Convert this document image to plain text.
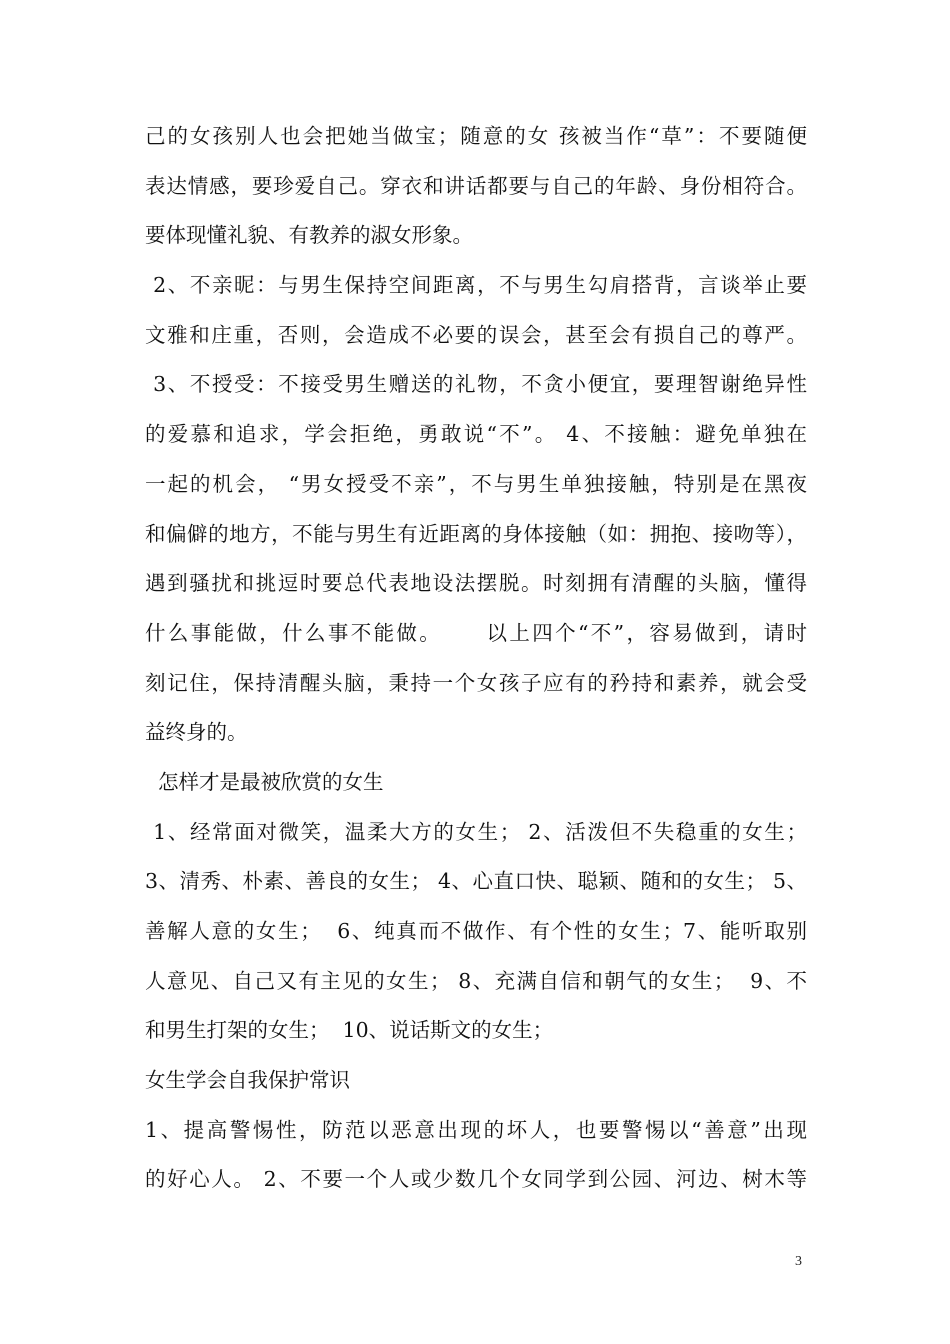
己的女孩别人也会把她当做宝；随意的女 孩被当作“草”：不要随便
表达情感，要珍爱自己。穿衣和讲话都要与自己的年龄、身份相符合。
要体现懂礼貌、有教养的淑女形象。
2、不亲昵：与男生保持空间距离，不与男生勾肩搭背，言谈举止要
文雅和庄重，否则，会造成不必要的误会，甚至会有损自己的尊严。
3、不授受：不接受男生赠送的礼物，不贪小便宜，要理智谢绝异性
的爱慕和追求，学会拒绝，勇敢说“不”。 4、不接触：避免单独在
一起的机会， “男女授受不亲”，不与男生单独接触，特别是在黑夜
和偏僻的地方，不能与男生有近距离的身体接触（如：拥抱、接吻等），
遇到骚扰和挑逗时要总代表地设法摆脱。时刻拥有清醒的头脑，懂得
什么事能做，什么事不能做。     以上四个“不”，容易做到，请时
刻记住，保持清醒头脑，秉持一个女孩子应有的矜持和素养，就会受
益终身的。
怎样才是最被欣赏的女生
1、经常面对微笑，温柔大方的女生； 2、活泼但不失稳重的女生；
3、清秀、朴素、善良的女生； 4、心直口快、聪颖、随和的女生； 5、
善解人意的女生；  6、纯真而不做作、有个性的女生；7、能听取别
人意见、自己又有主见的女生； 8、充满自信和朝气的女生；  9、不
和男生打架的女生；  10、说话斯文的女生；
女生学会自我保护常识
1、提高警惕性，防范以恶意出现的坏人，也要警惕以“善意”出现
的好心人。 2、不要一个人或少数几个女同学到公园、河边、树木等
3
